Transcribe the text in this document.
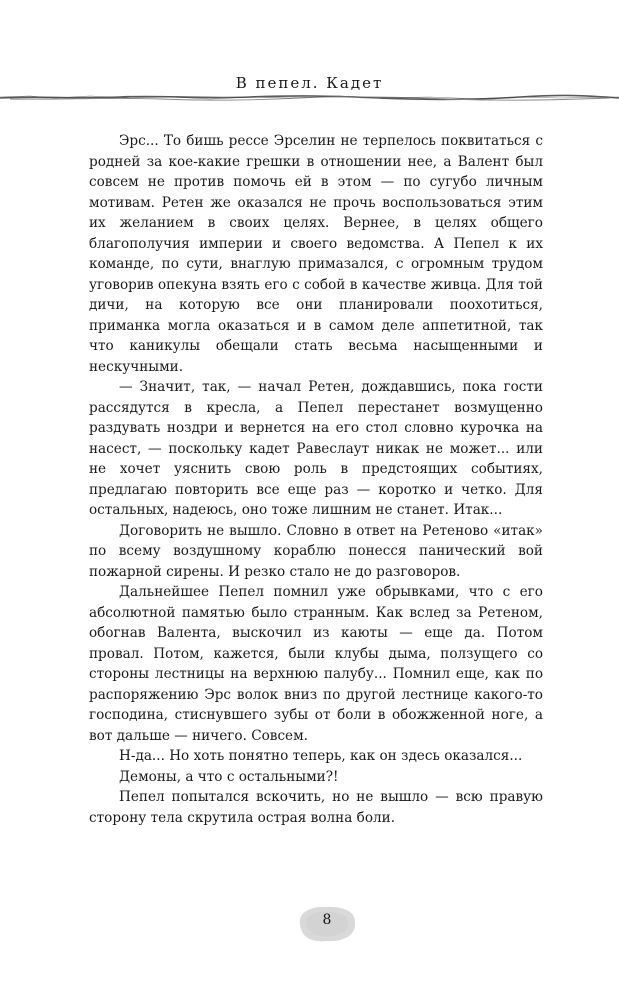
В пепел. Кадет

Эрс... То бишь рессе Эрселин не терпелось поквитаться с родней за кое-какие грешки в отношении нее, а Валент был совсем не против помочь ей в этом — по сугубо личным мотивам. Ретен же оказался не прочь воспользоваться этим их желанием в своих целях. Вернее, в целях общего благополучия империи и своего ведомства. А Пепел к их команде, по сути, внаглую примазался, с огромным трудом уговорив опекуна взять его с собой в качестве живца. Для той дичи, на которую все они планировали поохотиться, приманка могла оказаться и в самом деле аппетитной, так что каникулы обещали стать весьма насыщенными и нескучными.

— Значит, так, — начал Ретен, дождавшись, пока гости рассядутся в кресла, а Пепел перестанет возмущенно раздувать ноздри и вернется на его стол словно курочка на насест, — поскольку кадет Равеслаут никак не может... или не хочет уяснить свою роль в предстоящих событиях, предлагаю повторить все еще раз — коротко и четко. Для остальных, надеюсь, оно тоже лишним не станет. Итак...

Договорить не вышло. Словно в ответ на Ретеново «итак» по всему воздушному кораблю понесся панический вой пожарной сирены. И резко стало не до разговоров.

Дальнейшее Пепел помнил уже обрывками, что с его абсолютной памятью было странным. Как вслед за Ретеном, обогнав Валента, выскочил из каюты — еще да. Потом провал. Потом, кажется, были клубы дыма, ползущего со стороны лестницы на верхнюю палубу... Помнил еще, как по распоряжению Эрс волок вниз по другой лестнице какого-то господина, стиснувшего зубы от боли в обожженной ноге, а вот дальше — ничего. Совсем.

Н-да... Но хоть понятно теперь, как он здесь оказался...

Демоны, а что с остальными?!

Пепел попытался вскочить, но не вышло — всю правую сторону тела скрутила острая волна боли.

8
